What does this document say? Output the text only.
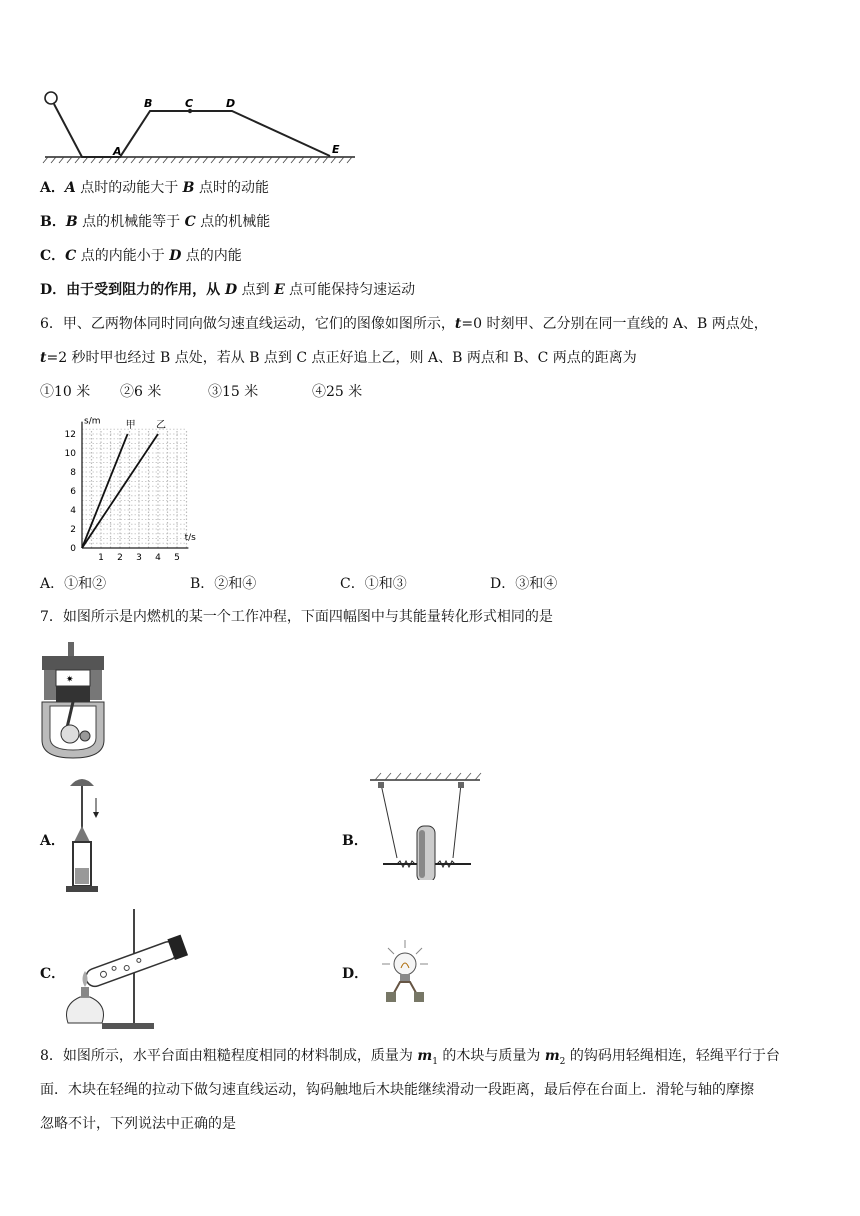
A
B	C	D
E
A．A 点时的动能大于 B 点时的动能
B．B 点的机械能等于 C 点的机械能
C．C 点的内能小于 D 点的内能
D．由于受到阻力的作用，从 D 点到 E 点可能保持匀速运动
6．甲、乙两物体同时同向做匀速直线运动，它们的图像如图所示，t=0 时刻甲、乙分别在同一直线的 A、B 两点处，
t=2 秒时甲也经过 B 点处，若从 B 点到 C 点正好追上乙，则 A、B 两点和 B、C 两点的距离为
①10 米 ②6 米	③15 米	④25 米
0
2
4
6
8
10
12
1 2 3 4 5
s/m
t/s
甲 乙
A．①和②	B．②和④	C．①和③	D．③和④
7．如图所示是内燃机的某一个工作冲程，下面四幅图中与其能量转化形式相同的是
✷
A．	B．
C．	D．
8．如图所示，水平台面由粗糙程度相同的材料制成，质量为 $m_1$ 的木块与质量为 $m_2$ 的钩码用轻绳相连，轻绳平行于台
面．木块在轻绳的拉动下做匀速直线运动，钩码触地后木块能继续滑动一段距离，最后停在台面上．滑轮与轴的摩擦
忽略不计，下列说法中正确的是
